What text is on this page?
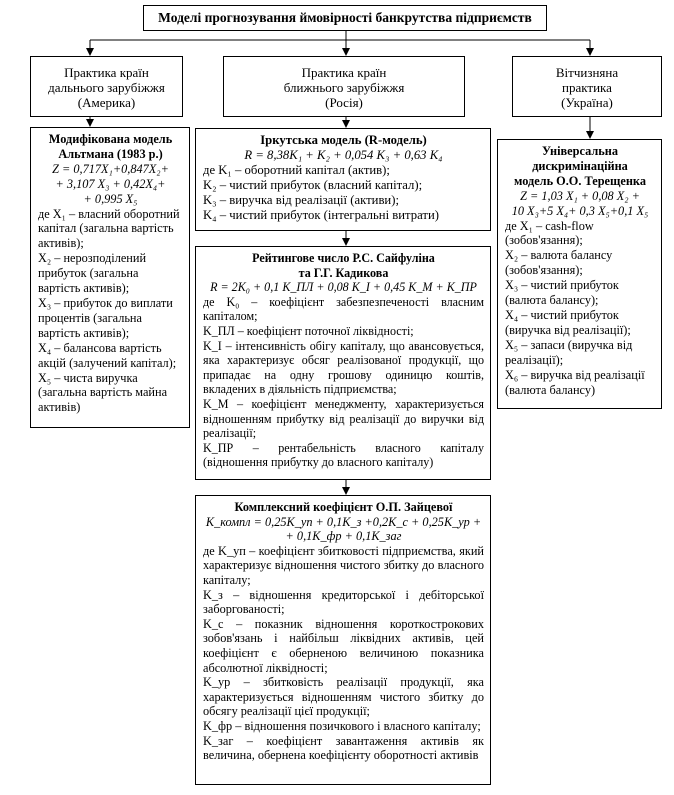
Моделі прогнозування ймовірності банкрутства підприємств
Практика країн
дальнього зарубіжжя
(Америка)
Практика країн
ближнього зарубіжжя
(Росія)
Вітчизняна
практика
(Україна)
Модифікована модель
Альтмана (1983 р.)
Z = 0,717X₁+0,847X₂+
+ 3,107 X₃ + 0,42X₄+
+ 0,995 X₅
де X₁ – власний оборотний капітал (загальна вартість активів);
X₂ – нерозподілений прибуток (загальна вартість активів);
X₃ – прибуток до виплати процентів (загальна вартість активів);
X₄ – балансова вартість акцій (залучений капітал);
X₅ – чиста виручка (загальна вартість майна активів)
Іркутська модель (R-модель)
R = 8,38K₁ + K₂ + 0,054 K₃ + 0,63 K₄
де K₁ – оборотний капітал (актив);
K₂ – чистий прибуток (власний капітал);
K₃ – виручка від реалізації (активи);
K₄ – чистий прибуток (інтегральні витрати)
Універсальна
дискримінаційна
модель О.О. Терещенка
Z = 1,03 X₁ + 0,08 X₂ +
10 X₃+5 X₄+ 0,3 X₅+0,1 X₅
де X₁ – cash-flow (зобов'язання);
X₂ – валюта балансу (зобов'язання);
X₃ – чистий прибуток (валюта балансу);
X₄ – чистий прибуток (виручка від реалізації);
X₅ – запаси (виручка від реалізації);
X₆ – виручка від реалізації (валюта балансу)
Рейтингове число Р.С. Сайфуліна
та Г.Г. Кадикова
R = 2K₀ + 0,1 K_ПЛ + 0,08 K_I + 0,45 K_M + K_ПР
де K₀ – коефіцієнт забезпезпеченості власним капіталом;
K_ПЛ – коефіцієнт поточної ліквідності;
K_I – інтенсивність обігу капіталу, що авансовується, яка характеризує обсяг реалізованої продукції, що припадає на одну грошову одиницю коштів, вкладених в діяльність підприємства;
K_M – коефіцієнт менеджменту, характеризується відношенням прибутку від реалізації до виручки від реалізації;
K_ПР – рентабельність власного капіталу (відношення прибутку до власного капіталу)
Комплексний коефіцієнт О.П. Зайцевої
K_компл = 0,25K_уп + 0,1K_з +0,2K_с + 0,25K_ур +
+ 0,1K_фр + 0,1K_заг
де K_уп – коефіцієнт збитковості підприємства, який характеризує відношення чистого збитку до власного капіталу;
K_з – відношення кредиторської і дебіторської заборгованості;
K_с – показник відношення короткострокових зобов'язань і найбільш ліквідних активів, цей коефіцієнт є оберненою величиною показника абсолютної ліквідності;
K_ур – збитковість реалізації продукції, яка характеризується відношенням чистого збитку до обсягу реалізації цієї продукції;
K_фр – відношення позичкового і власного капіталу;
K_заг – коефіцієнт завантаження активів як величина, обернена коефіцієнту оборотності активів
